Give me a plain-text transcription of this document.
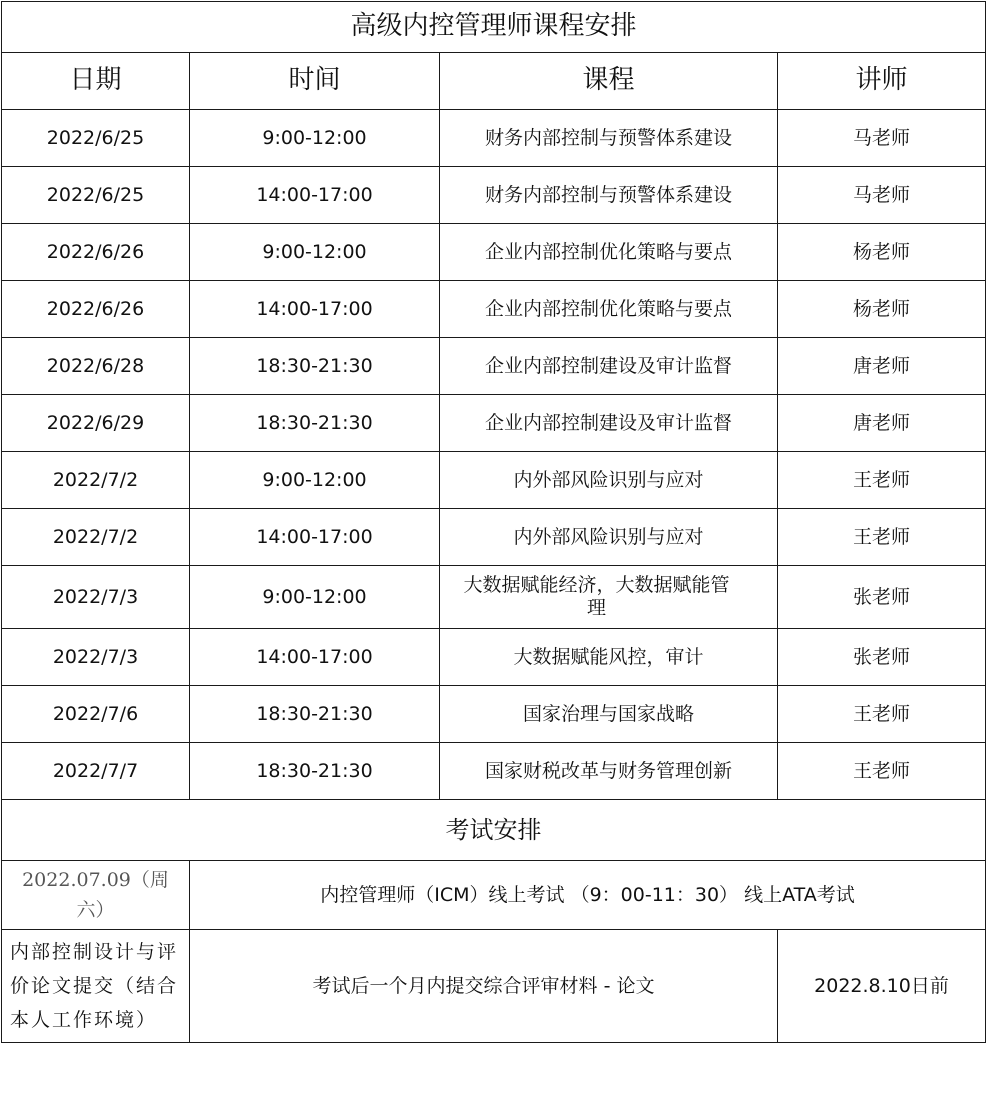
高级内控管理师课程安排			
日期	时间	课程	讲师
2022/6/25	9:00-12:00	财务内部控制与预警体系建设	马老师
2022/6/25	14:00-17:00	财务内部控制与预警体系建设	马老师
2022/6/26	9:00-12:00	企业内部控制优化策略与要点	杨老师
2022/6/26	14:00-17:00	企业内部控制优化策略与要点	杨老师
2022/6/28	18:30-21:30	企业内部控制建设及审计监督	唐老师
2022/6/29	18:30-21:30	企业内部控制建设及审计监督	唐老师
2022/7/2	9:00-12:00	内外部风险识别与应对	王老师
2022/7/2	14:00-17:00	内外部风险识别与应对	王老师
2022/7/3	9:00-12:00	大数据赋能经济，大数据赋能管理	张老师
2022/7/3	14:00-17:00	大数据赋能风控，审计	张老师
2022/7/6	18:30-21:30	国家治理与国家战略	王老师
2022/7/7	18:30-21:30	国家财税改革与财务管理创新	王老师
考试安排			
2022.07.09（周六）	内控管理师（ICM）线上考试 （9：00-11：30） 线上ATA考试		
内部控制设计与评价论文提交（结合本人工作环境）	考试后一个月内提交综合评审材料 - 论文		2022.8.10日前
